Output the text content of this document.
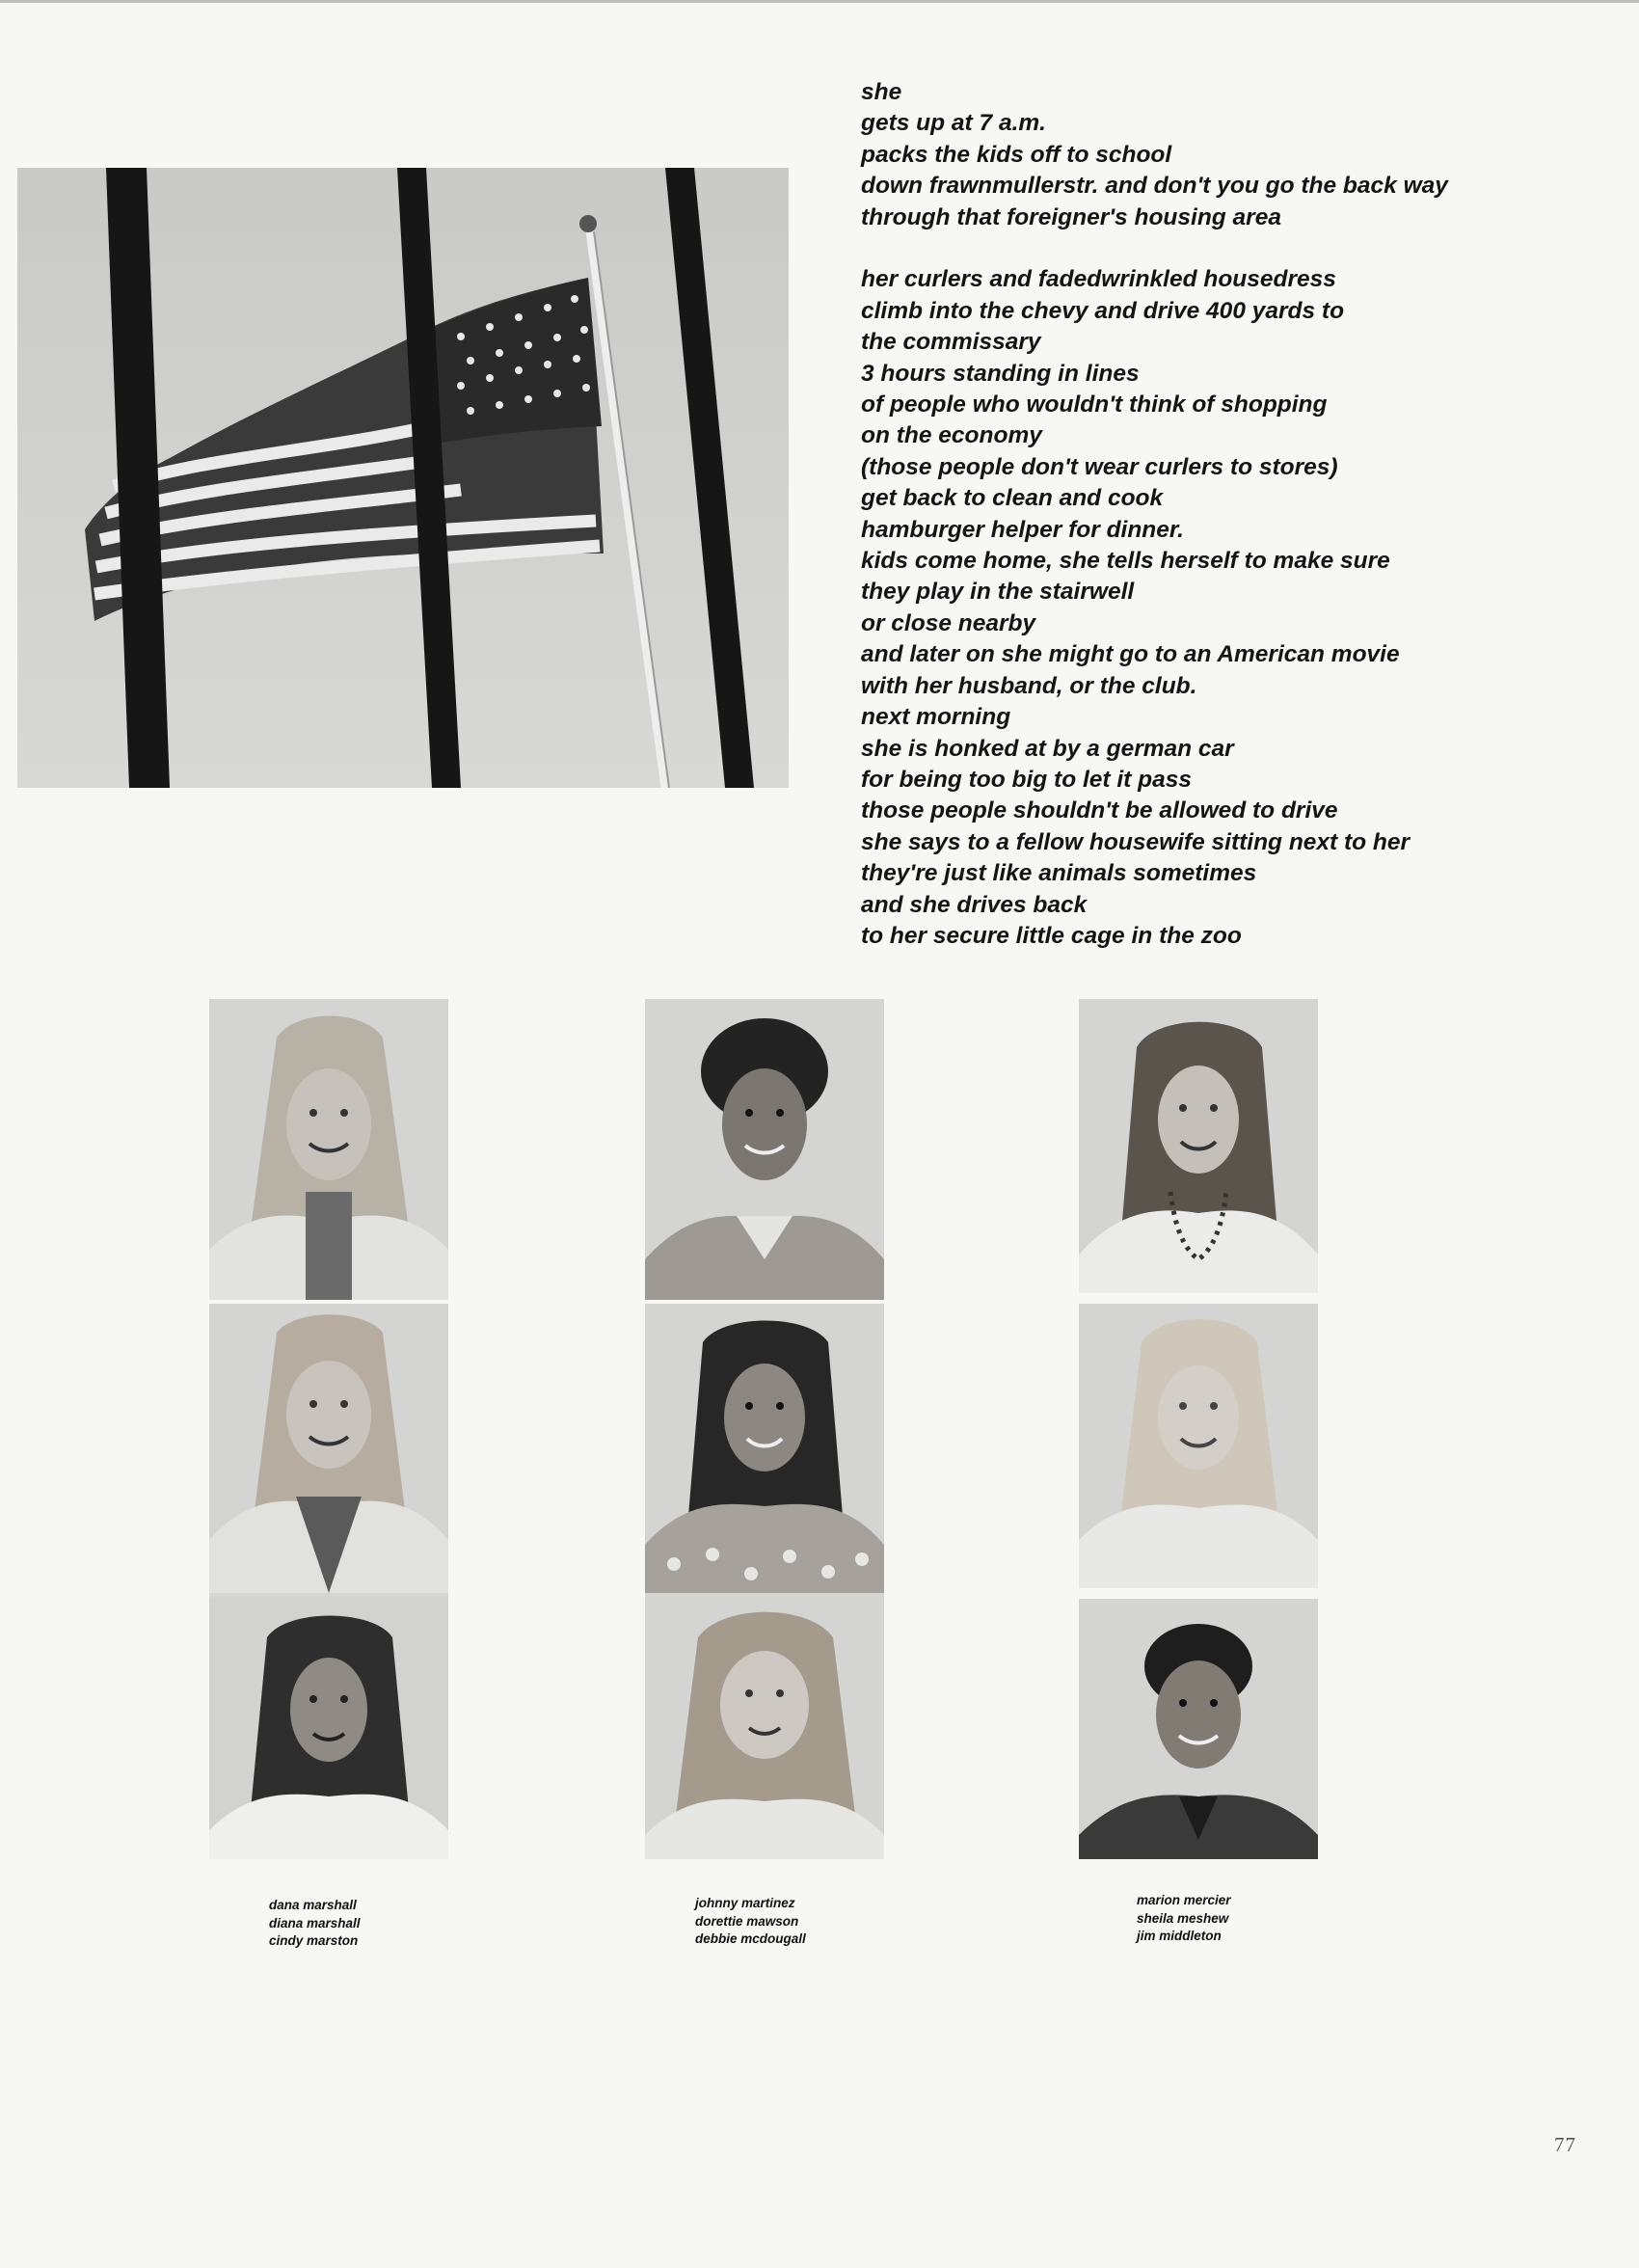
she
gets up at 7 a.m.
packs the kids off to school
down frawnmullerstr. and don't you go the back way
through that foreigner's housing area
her curlers and fadedwrinkled housedress
climb into the chevy and drive 400 yards to
the commissary
3 hours standing in lines
of people who wouldn't think of shopping
on the economy
(those people don't wear curlers to stores)
get back to clean and cook
hamburger helper for dinner.
kids come home, she tells herself to make sure
they play in the stairwell
or close nearby
and later on she might go to an American movie
with her husband, or the club.
next morning
she is honked at by a german car
for being too big to let it pass
those people shouldn't be allowed to drive
she says to a fellow housewife sitting next to her
they're just like animals sometimes
and she drives back
to her secure little cage in the zoo
dana marshall
diana marshall
cindy marston
johnny martinez
dorettie mawson
debbie mcdougall
marion mercier
sheila meshew
jim middleton
77
